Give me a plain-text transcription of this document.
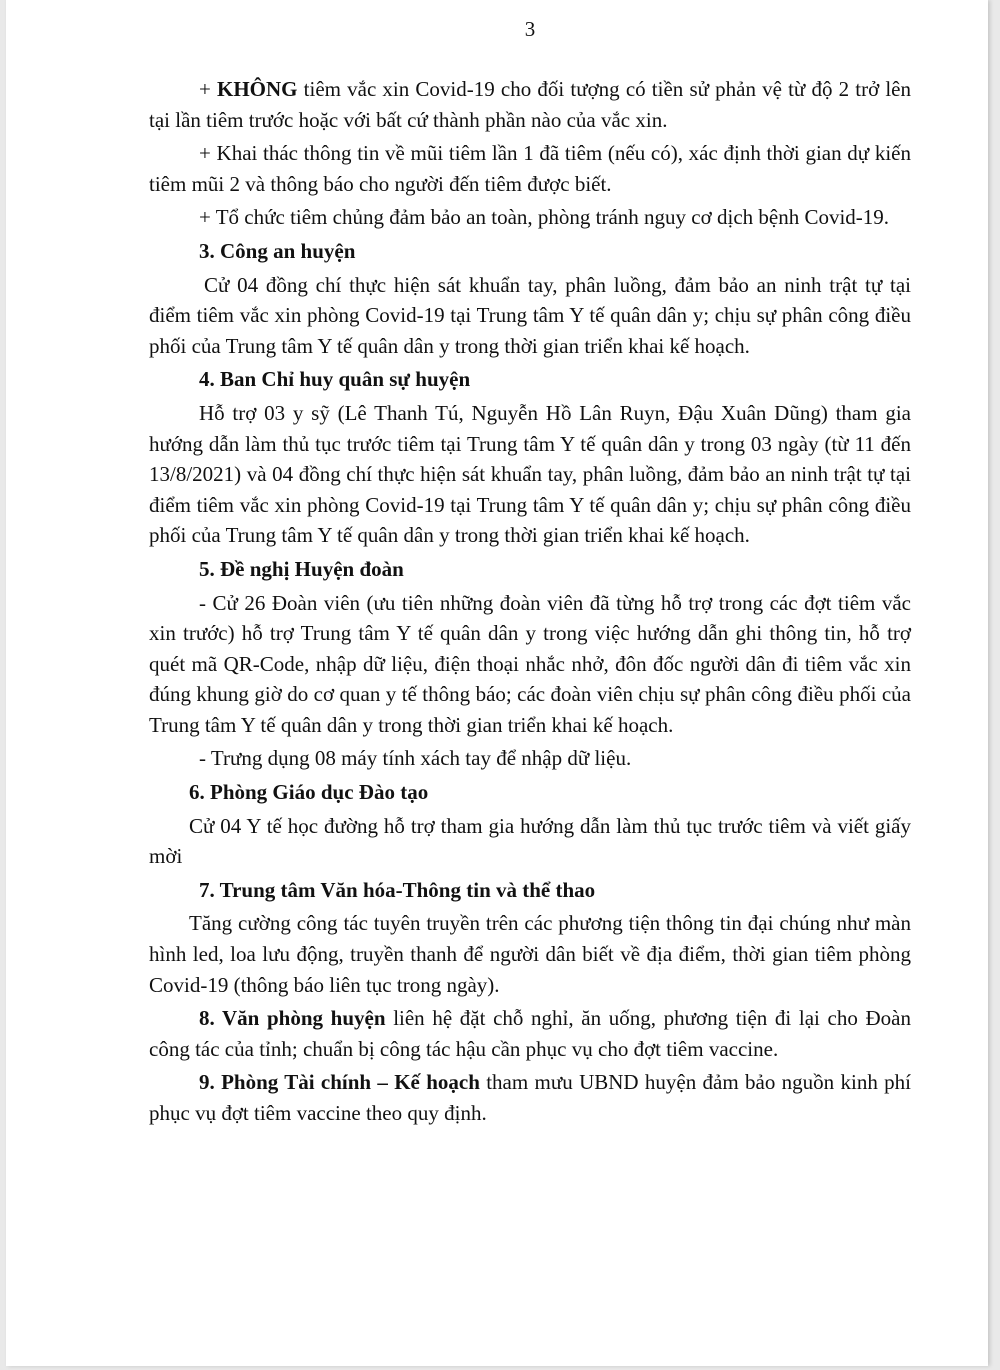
3

+ KHÔNG tiêm vắc xin Covid-19 cho đối tượng có tiền sử phản vệ từ độ 2 trở lên tại lần tiêm trước hoặc với bất cứ thành phần nào của vắc xin.

+ Khai thác thông tin về mũi tiêm lần 1 đã tiêm (nếu có), xác định thời gian dự kiến tiêm mũi 2 và thông báo cho người đến tiêm được biết.

+ Tổ chức tiêm chủng đảm bảo an toàn, phòng tránh nguy cơ dịch bệnh Covid-19.

3. Công an huyện

Cử 04 đồng chí thực hiện sát khuẩn tay, phân luồng, đảm bảo an ninh trật tự tại điểm tiêm vắc xin phòng Covid-19 tại Trung tâm Y tế quân dân y; chịu sự phân công điều phối của Trung tâm Y tế quân dân y trong thời gian triển khai kế hoạch.

4. Ban Chỉ huy quân sự huyện

Hỗ trợ 03 y sỹ (Lê Thanh Tú, Nguyễn Hồ Lân Ruyn, Đậu Xuân Dũng) tham gia hướng dẫn làm thủ tục trước tiêm tại Trung tâm Y tế quân dân y trong 03 ngày (từ 11 đến 13/8/2021) và 04 đồng chí thực hiện sát khuẩn tay, phân luồng, đảm bảo an ninh trật tự tại điểm tiêm vắc xin phòng Covid-19 tại Trung tâm Y tế quân dân y; chịu sự phân công điều phối của Trung tâm Y tế quân dân y trong thời gian triển khai kế hoạch.

5. Đề nghị Huyện đoàn

- Cử 26 Đoàn viên (ưu tiên những đoàn viên đã từng hỗ trợ trong các đợt tiêm vắc xin trước) hỗ trợ Trung tâm Y tế quân dân y trong việc hướng dẫn ghi thông tin, hỗ trợ quét mã QR-Code, nhập dữ liệu, điện thoại nhắc nhở, đôn đốc người dân đi tiêm vắc xin đúng khung giờ do cơ quan y tế thông báo; các đoàn viên chịu sự phân công điều phối của Trung tâm Y tế quân dân y trong thời gian triển khai kế hoạch.

- Trưng dụng 08 máy tính xách tay để nhập dữ liệu.

6. Phòng Giáo dục Đào tạo

Cử 04 Y tế học đường hỗ trợ tham gia hướng dẫn làm thủ tục trước tiêm và viết giấy mời

7. Trung tâm Văn hóa-Thông tin và thể thao

Tăng cường công tác tuyên truyền trên các phương tiện thông tin đại chúng như màn hình led, loa lưu động, truyền thanh để người dân biết về địa điểm, thời gian tiêm phòng Covid-19 (thông báo liên tục trong ngày).

8. Văn phòng huyện liên hệ đặt chỗ nghỉ, ăn uống, phương tiện đi lại cho Đoàn công tác của tỉnh; chuẩn bị công tác hậu cần phục vụ cho đợt tiêm vaccine.

9. Phòng Tài chính – Kế hoạch tham mưu UBND huyện đảm bảo nguồn kinh phí phục vụ đợt tiêm vaccine theo quy định.
